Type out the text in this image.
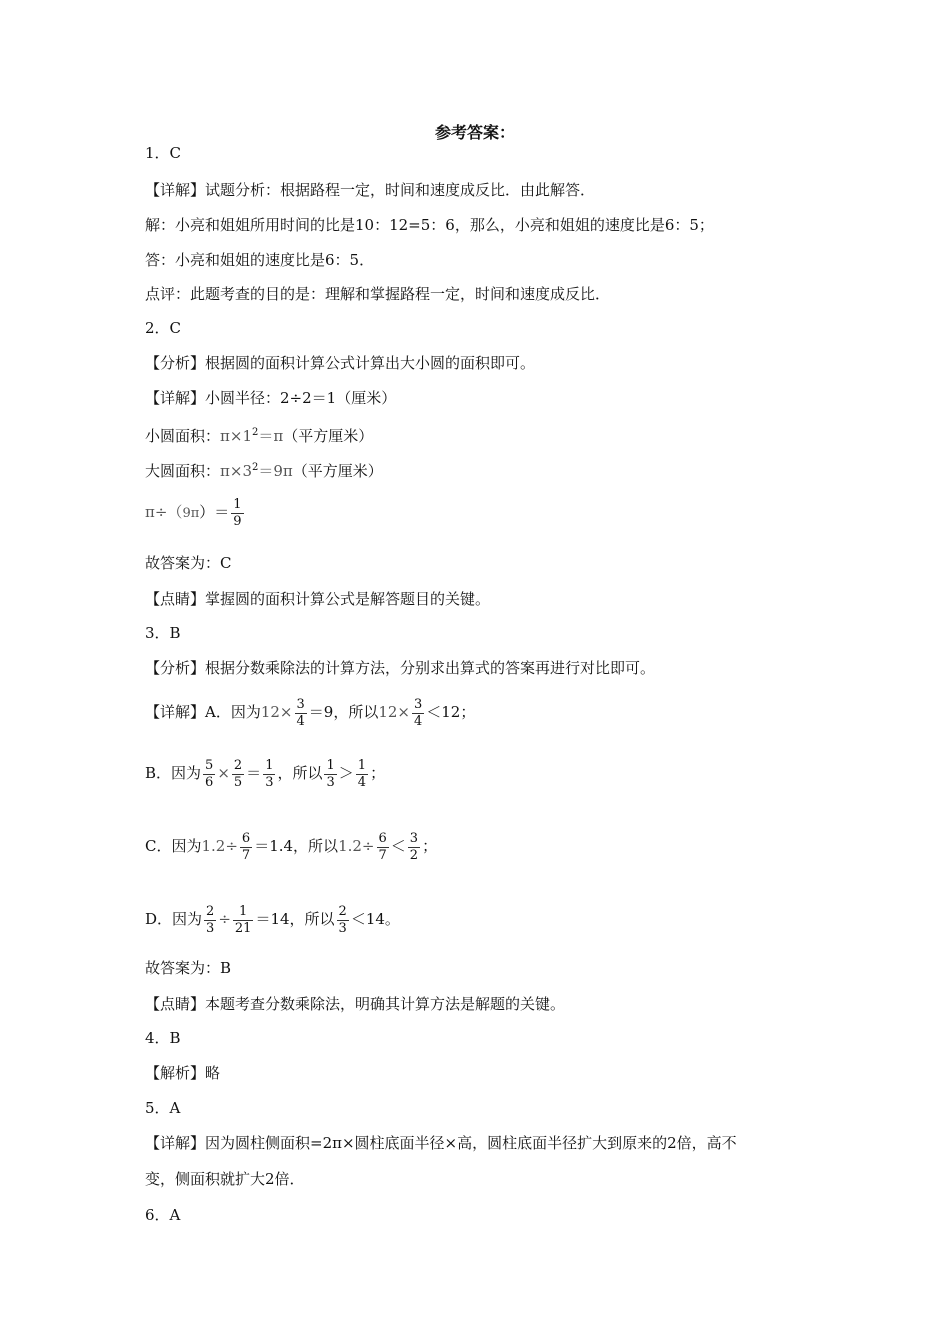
参考答案：
1．C
【详解】试题分析：根据路程一定，时间和速度成反比．由此解答．
解：小亮和姐姐所用时间的比是10：12=5：6，那么，小亮和姐姐的速度比是6：5；
答：小亮和姐姐的速度比是6：5．
点评：此题考查的目的是：理解和掌握路程一定，时间和速度成反比．
2．C
【分析】根据圆的面积计算公式计算出大小圆的面积即可。
【详解】小圆半径：2÷2＝1（厘米）
小圆面积：$\pi\times 1^2=\pi$（平方厘米）
大圆面积：$\pi\times 3^2=9\pi$（平方厘米）
$\pi\div(9\pi)= \frac{1}{9}$
故答案为：C
【点睛】掌握圆的面积计算公式是解答题目的关键。
3．B
【分析】根据分数乘除法的计算方法，分别求出算式的答案再进行对比即可。
【详解】A．因为$12\times \frac{3}{4} =9$，所以$12\times \frac{3}{4} <12$；
B．因为 $\frac{5}{6} \times \frac{2}{5} = \frac{1}{3}$ ，所以 $\frac{1}{3} > \frac{1}{4}$ ；
C．因为$1.2\div \frac{6}{7} =1.4$，所以$1.2\div \frac{6}{7} < \frac{3}{2}$ ；
D．因为 $\frac{2}{3} \div \frac{1}{21} =14$，所以 $\frac{2}{3} <14$。
故答案为：B
【点睛】本题考查分数乘除法，明确其计算方法是解题的关键。
4．B
【解析】略
5．A
【详解】因为圆柱侧面积=2π×圆柱底面半径×高，圆柱底面半径扩大到原来的2倍，高不
变，侧面积就扩大2倍．
6．A
